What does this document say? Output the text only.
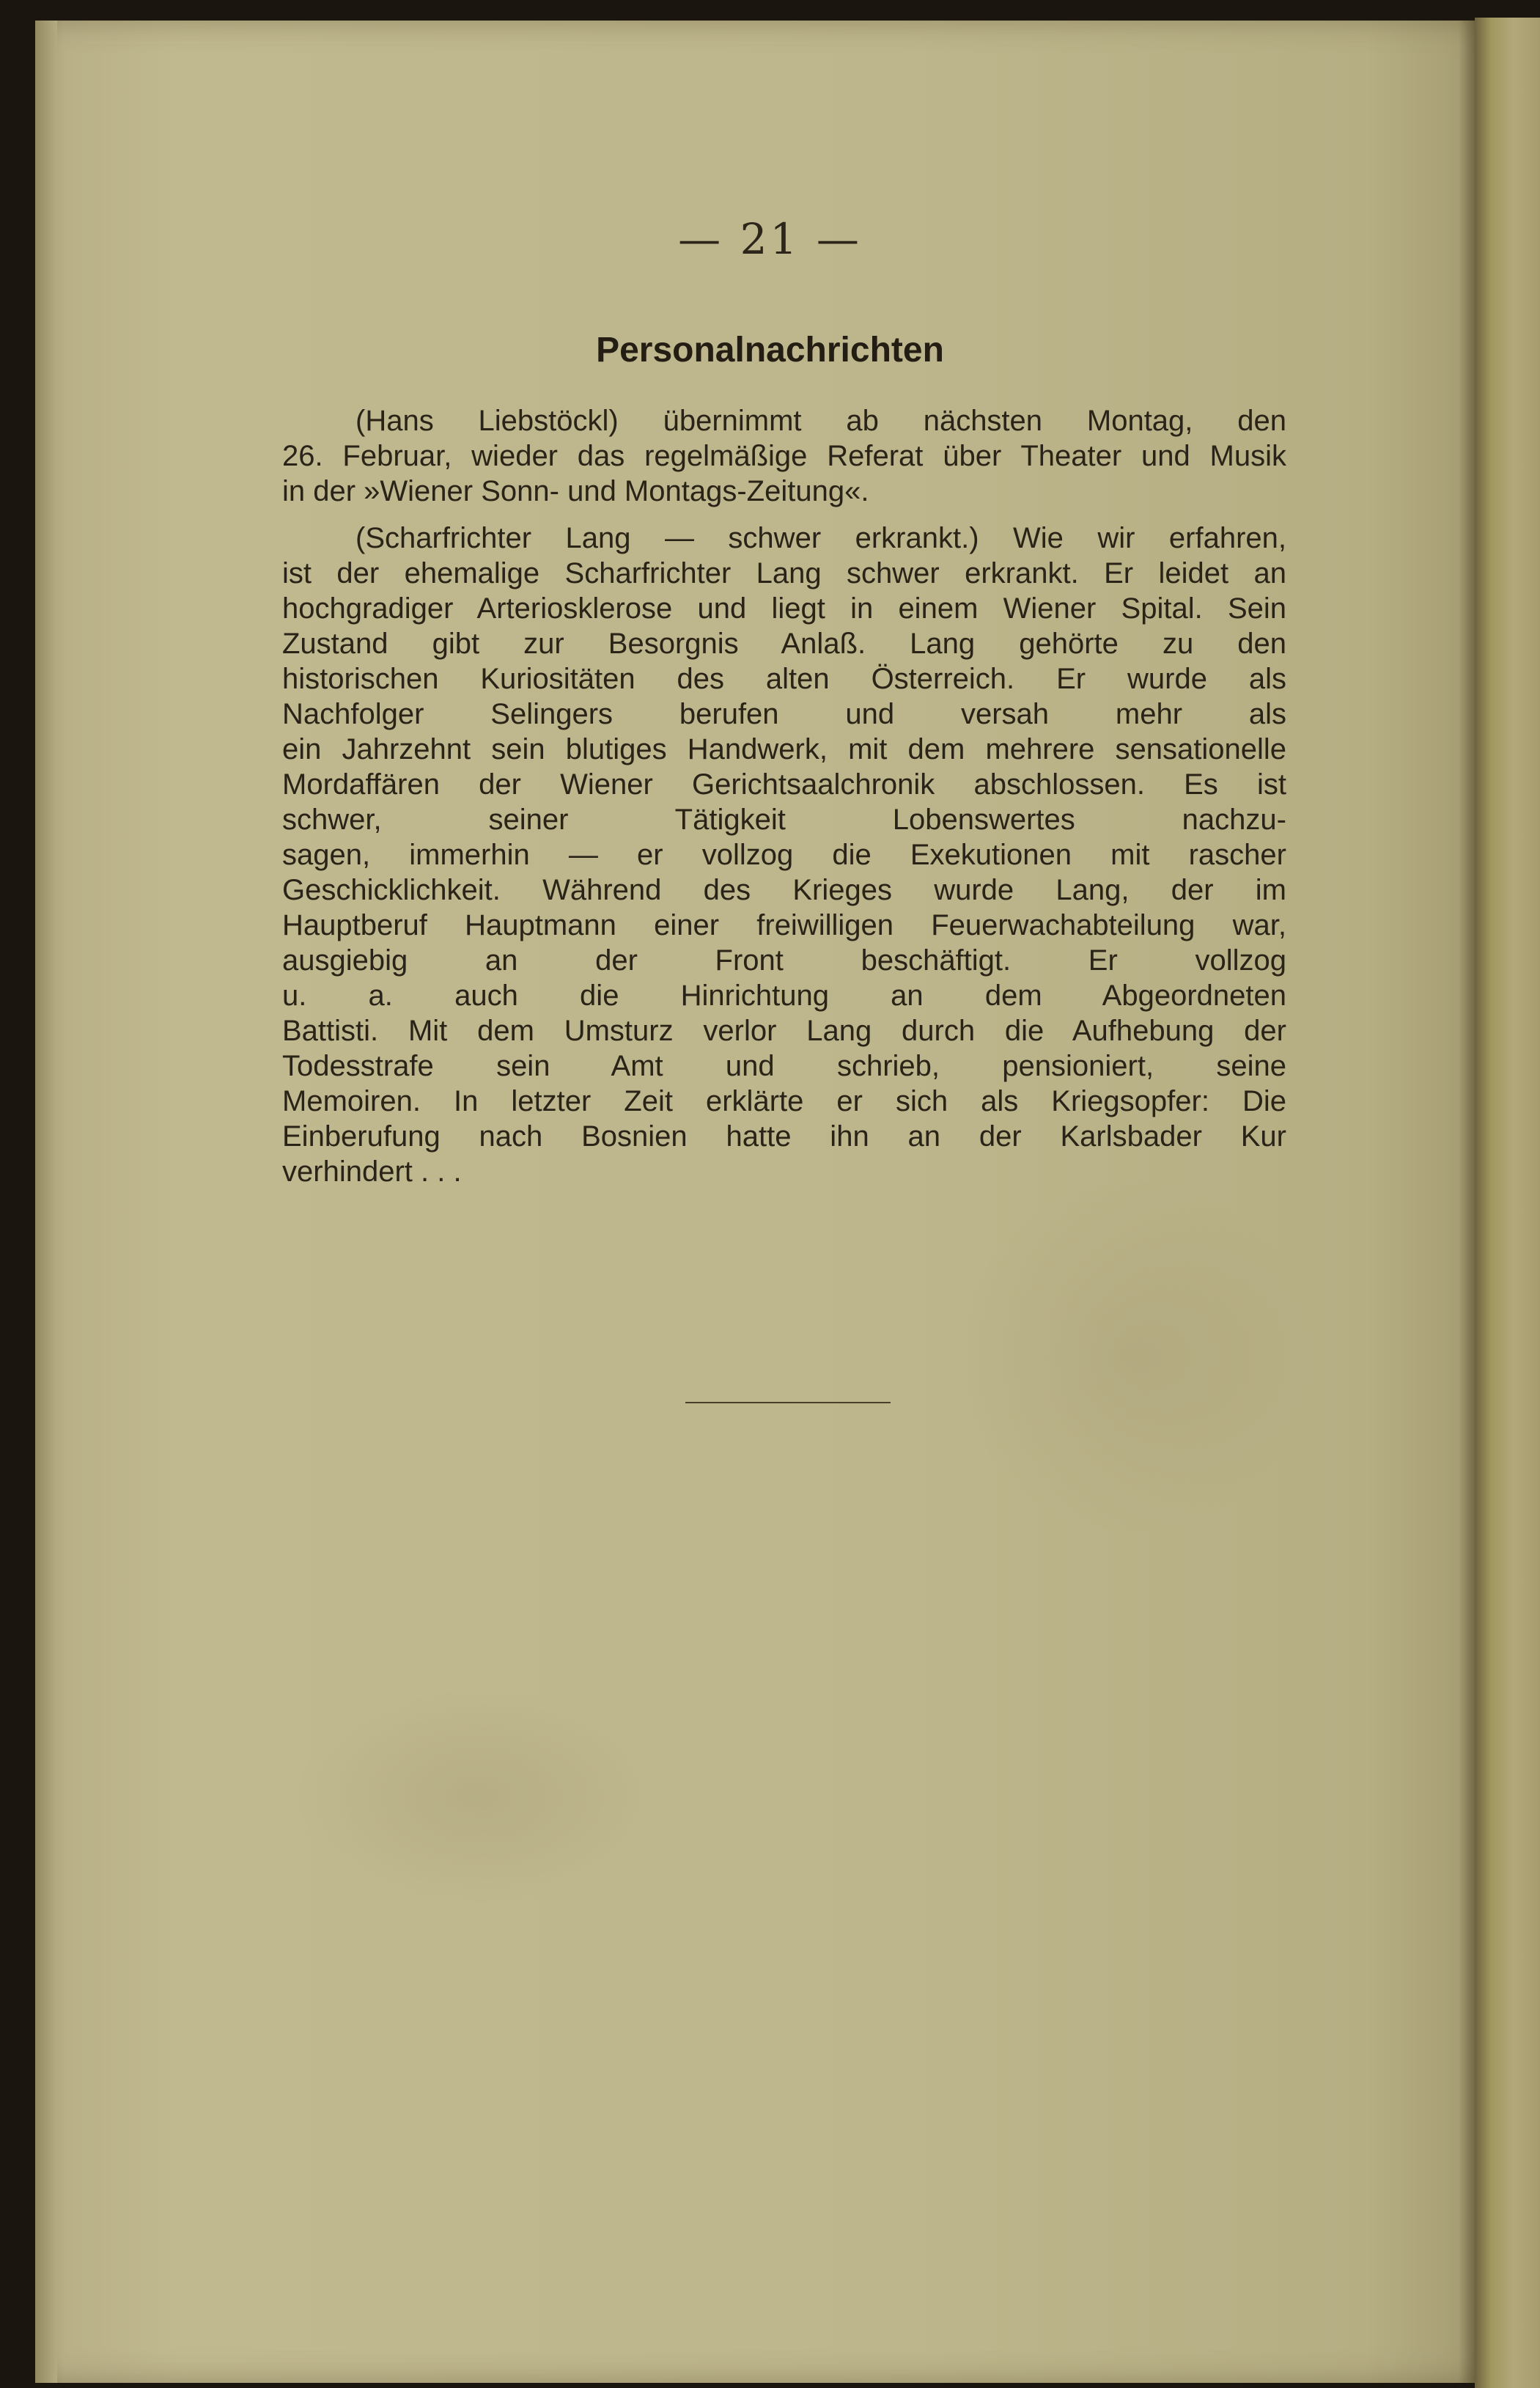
— 21 —
Personalnachrichten
(Hans Liebstöckl) übernimmt ab nächsten Montag, den
26. Februar, wieder das regelmäßige Referat über Theater und Musik
in der »Wiener Sonn- und Montags-Zeitung«.
(Scharfrichter Lang — schwer erkrankt.) Wie wir erfahren,
ist der ehemalige Scharfrichter Lang schwer erkrankt. Er leidet an
hochgradiger Arteriosklerose und liegt in einem Wiener Spital. Sein
Zustand gibt zur Besorgnis Anlaß. Lang gehörte zu den
historischen Kuriositäten des alten Österreich. Er wurde als
Nachfolger Selingers berufen und versah mehr als
ein Jahrzehnt sein blutiges Handwerk, mit dem mehrere sensationelle
Mordaffären der Wiener Gerichtsaalchronik abschlossen. Es ist
schwer, seiner Tätigkeit Lobenswertes nachzu-
sagen, immerhin — er vollzog die Exekutionen mit rascher
Geschicklichkeit. Während des Krieges wurde Lang, der im
Hauptberuf Hauptmann einer freiwilligen Feuerwachabteilung war,
ausgiebig an der Front beschäftigt. Er vollzog
u. a. auch die Hinrichtung an dem Abgeordneten
Battisti. Mit dem Umsturz verlor Lang durch die Aufhebung der
Todesstrafe sein Amt und schrieb, pensioniert, seine
Memoiren. In letzter Zeit erklärte er sich als Kriegsopfer: Die
Einberufung nach Bosnien hatte ihn an der Karlsbader Kur
verhindert . . .
